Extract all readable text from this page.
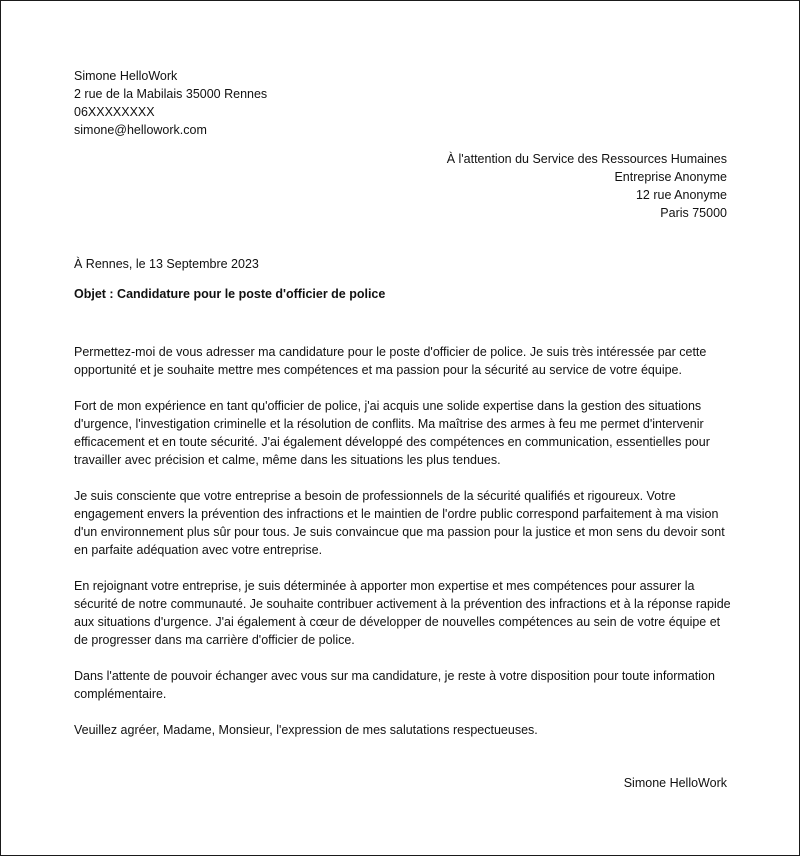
Simone HelloWork
2 rue de la Mabilais 35000 Rennes
06XXXXXXXX
simone@hellowork.com
À l'attention du Service des Ressources Humaines
Entreprise Anonyme
12 rue Anonyme
Paris 75000
À Rennes, le 13 Septembre 2023
Objet : Candidature pour le poste d'officier de police

Permettez-moi de vous adresser ma candidature pour le poste d'officier de police. Je suis très intéressée par cette opportunité et je souhaite mettre mes compétences et ma passion pour la sécurité au service de votre équipe.

Fort de mon expérience en tant qu'officier de police, j'ai acquis une solide expertise dans la gestion des situations d'urgence, l'investigation criminelle et la résolution de conflits. Ma maîtrise des armes à feu me permet d'intervenir efficacement et en toute sécurité. J'ai également développé des compétences en communication, essentielles pour travailler avec précision et calme, même dans les situations les plus tendues.

Je suis consciente que votre entreprise a besoin de professionnels de la sécurité qualifiés et rigoureux. Votre engagement envers la prévention des infractions et le maintien de l'ordre public correspond parfaitement à ma vision d'un environnement plus sûr pour tous. Je suis convaincue que ma passion pour la justice et mon sens du devoir sont en parfaite adéquation avec votre entreprise.

En rejoignant votre entreprise, je suis déterminée à apporter mon expertise et mes compétences pour assurer la sécurité de notre communauté. Je souhaite contribuer activement à la prévention des infractions et à la réponse rapide aux situations d'urgence. J'ai également à cœur de développer de nouvelles compétences au sein de votre équipe et de progresser dans ma carrière d'officier de police.

Dans l'attente de pouvoir échanger avec vous sur ma candidature, je reste à votre disposition pour toute information complémentaire.

Veuillez agréer, Madame, Monsieur, l'expression de mes salutations respectueuses.

Simone HelloWork
